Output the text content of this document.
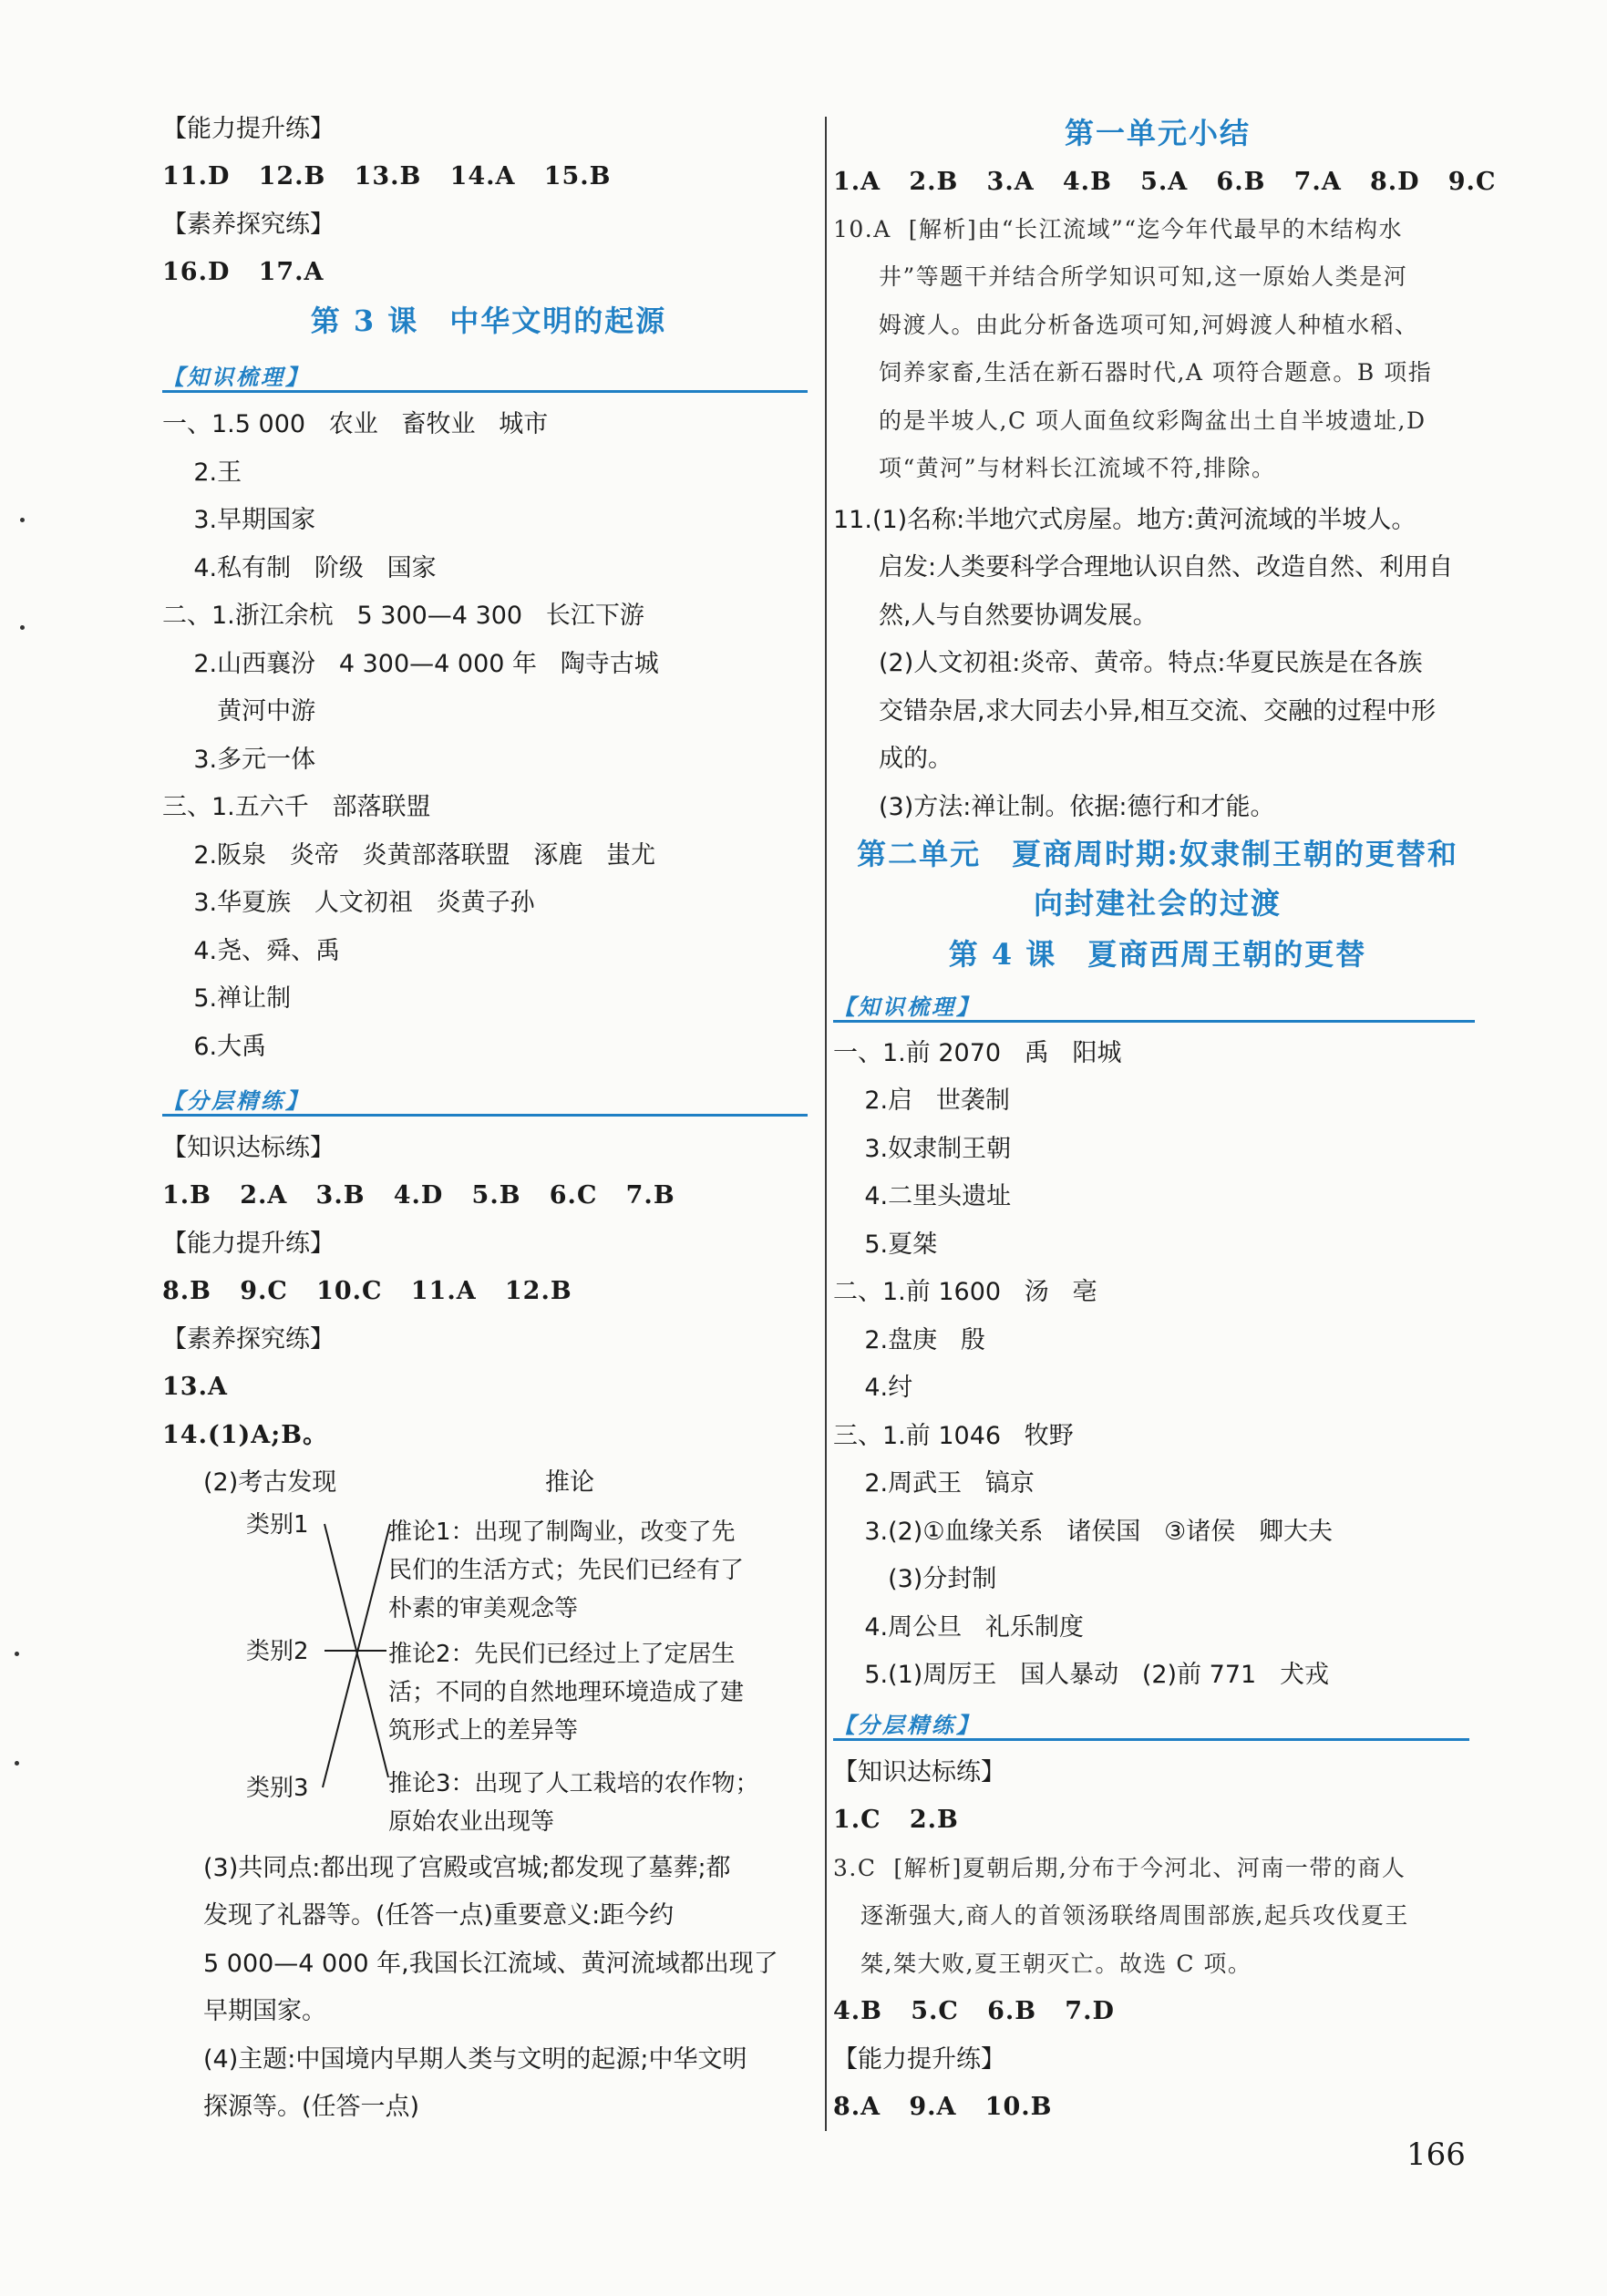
【能力提升练】
11.D   12.B   13.B   14.A   15.B
【素养探究练】
16.D   17.A
第 3 课　中华文明的起源
【知识梳理】
一、1.5 000   农业   畜牧业   城市
2.王
3.早期国家
4.私有制   阶级   国家
二、1.浙江余杭   5 300—4 300   长江下游
2.山西襄汾   4 300—4 000 年   陶寺古城
黄河中游
3.多元一体
三、1.五六千   部落联盟
2.阪泉   炎帝   炎黄部落联盟   涿鹿   蚩尤
3.华夏族   人文初祖   炎黄子孙
4.尧、舜、禹
5.禅让制
6.大禹
【分层精练】
【知识达标练】
1.B   2.A   3.B   4.D   5.B   6.C   7.B
【能力提升练】
8.B   9.C   10.C   11.A   12.B
【素养探究练】
13.A
14.(1)A;B。
(2)考古发现	推论
类别1
类别2
类别3
推论1：出现了制陶业，改变了先
民们的生活方式；先民们已经有了
朴素的审美观念等
推论2：先民们已经过上了定居生
活；不同的自然地理环境造成了建
筑形式上的差异等
推论3：出现了人工栽培的农作物；
原始农业出现等
(3)共同点:都出现了宫殿或宫城;都发现了墓葬;都
发现了礼器等。(任答一点)重要意义:距今约
5 000—4 000 年,我国长江流域、黄河流域都出现了
早期国家。
(4)主题:中国境内早期人类与文明的起源;中华文明
探源等。(任答一点)
第一单元小结
1.A   2.B   3.A   4.B   5.A   6.B   7.A   8.D   9.C
10.A  [解析]由“长江流域”“迄今年代最早的木结构水
井”等题干并结合所学知识可知,这一原始人类是河
姆渡人。由此分析备选项可知,河姆渡人种植水稻、
饲养家畜,生活在新石器时代,A 项符合题意。B 项指
的是半坡人,C 项人面鱼纹彩陶盆出土自半坡遗址,D
项“黄河”与材料长江流域不符,排除。
11.(1)名称:半地穴式房屋。地方:黄河流域的半坡人。
启发:人类要科学合理地认识自然、改造自然、利用自
然,人与自然要协调发展。
(2)人文初祖:炎帝、黄帝。特点:华夏民族是在各族
交错杂居,求大同去小异,相互交流、交融的过程中形
成的。
(3)方法:禅让制。依据:德行和才能。
第二单元　夏商周时期:奴隶制王朝的更替和
向封建社会的过渡
第 4 课　夏商西周王朝的更替
【知识梳理】
一、1.前 2070   禹   阳城
2.启   世袭制
3.奴隶制王朝
4.二里头遗址
5.夏桀
二、1.前 1600   汤   亳
2.盘庚   殷
4.纣
三、1.前 1046   牧野
2.周武王   镐京
3.(2)①血缘关系   诸侯国   ③诸侯   卿大夫
(3)分封制
4.周公旦   礼乐制度
5.(1)周厉王   国人暴动   (2)前 771   犬戎
【分层精练】
【知识达标练】
1.C   2.B
3.C  [解析]夏朝后期,分布于今河北、河南一带的商人
逐渐强大,商人的首领汤联络周围部族,起兵攻伐夏王
桀,桀大败,夏王朝灭亡。故选 C 项。
4.B   5.C   6.B   7.D
【能力提升练】
8.A   9.A   10.B
166
